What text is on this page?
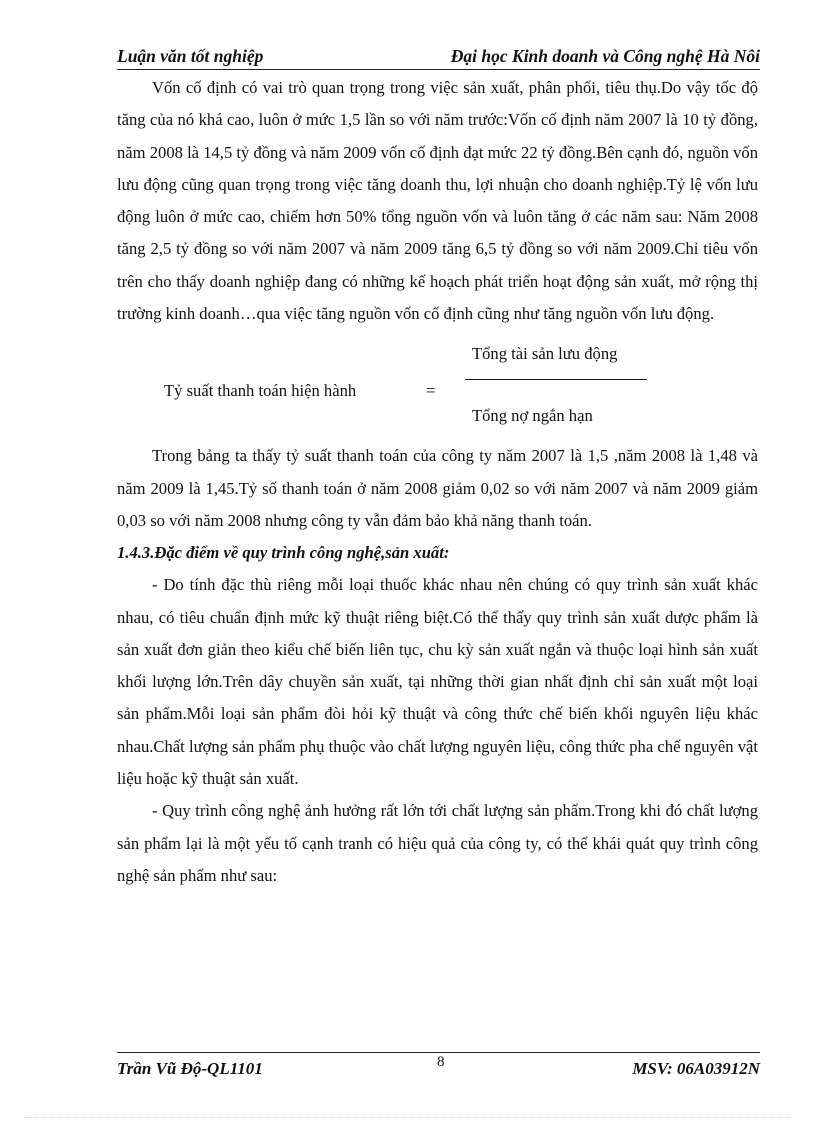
Luận văn tốt nghiệp	Đại học Kinh doanh và Công nghệ Hà Nôi

Vốn cố định có vai trò quan trọng trong việc sản xuất, phân phối, tiêu thụ.Do vậy tốc độ tăng của nó khá cao, luôn ở mức 1,5 lần so với năm trước:Vốn cố định năm 2007 là 10 tỷ đồng, năm 2008 là 14,5 tỷ đồng và năm 2009 vốn cố định đạt mức 22 tỷ đồng.Bên cạnh đó, nguồn vốn lưu động cũng quan trọng trong việc tăng doanh thu, lợi nhuận cho doanh nghiệp.Tỷ lệ vốn lưu động luôn ở mức cao, chiếm hơn 50% tổng nguồn vốn và luôn tăng ở các năm sau: Năm 2008 tăng 2,5 tỷ đồng so với năm 2007 và năm 2009 tăng 6,5 tỷ đồng so với năm 2009.Chỉ tiêu vốn trên cho thấy doanh nghiệp đang có những kế hoạch phát triển hoạt động sản xuất, mở rộng thị trường kinh doanh…qua việc tăng nguồn vốn cố định cũng như tăng nguồn vốn lưu động.

Tỷ suất thanh toán hiện hành	=
Tổng tài sản lưu động
Tổng nợ ngắn hạn

Trong bảng ta thấy tỷ suất thanh toán của công ty năm 2007 là 1,5 ,năm 2008 là 1,48 và năm 2009 là 1,45.Tỷ số thanh toán ở năm 2008 giảm 0,02 so với năm 2007 và năm 2009 giảm 0,03 so với năm 2008 nhưng công ty vẫn đảm bảo khả năng thanh toán.

1.4.3.Đặc điểm về quy trình công nghệ,sản xuất:

- Do tính đặc thù riêng mỗi loại thuốc khác nhau nên chúng có quy trình sản xuất khác nhau, có tiêu chuẩn định mức kỹ thuật riêng biệt.Có thể thấy quy trình sản xuất dược phẩm là sản xuất đơn giản theo kiểu chế biến liên tục, chu kỳ sản xuất ngắn và thuộc loại hình sản xuất khối lượng lớn.Trên dây chuyền sản xuất, tại những thời gian nhất định chỉ sản xuất một loại sản phẩm.Mỗi loại sản phẩm đòi hỏi kỹ thuật và công thức chế biến khối nguyên liệu khác nhau.Chất lượng sản phẩm phụ thuộc vào chất lượng nguyên liệu, công thức pha chế nguyên vật liệu hoặc kỹ thuật sản xuất.

- Quy trình công nghệ ảnh hưởng rất lớn tới chất lượng sản phẩm.Trong khi đó chất lượng sản phẩm lại là một yếu tố cạnh tranh có hiệu quả của công ty, có thể khái quát quy trình công nghệ sản phẩm như sau:

Trần Vũ Độ-QL1101	8	MSV: 06A03912N
